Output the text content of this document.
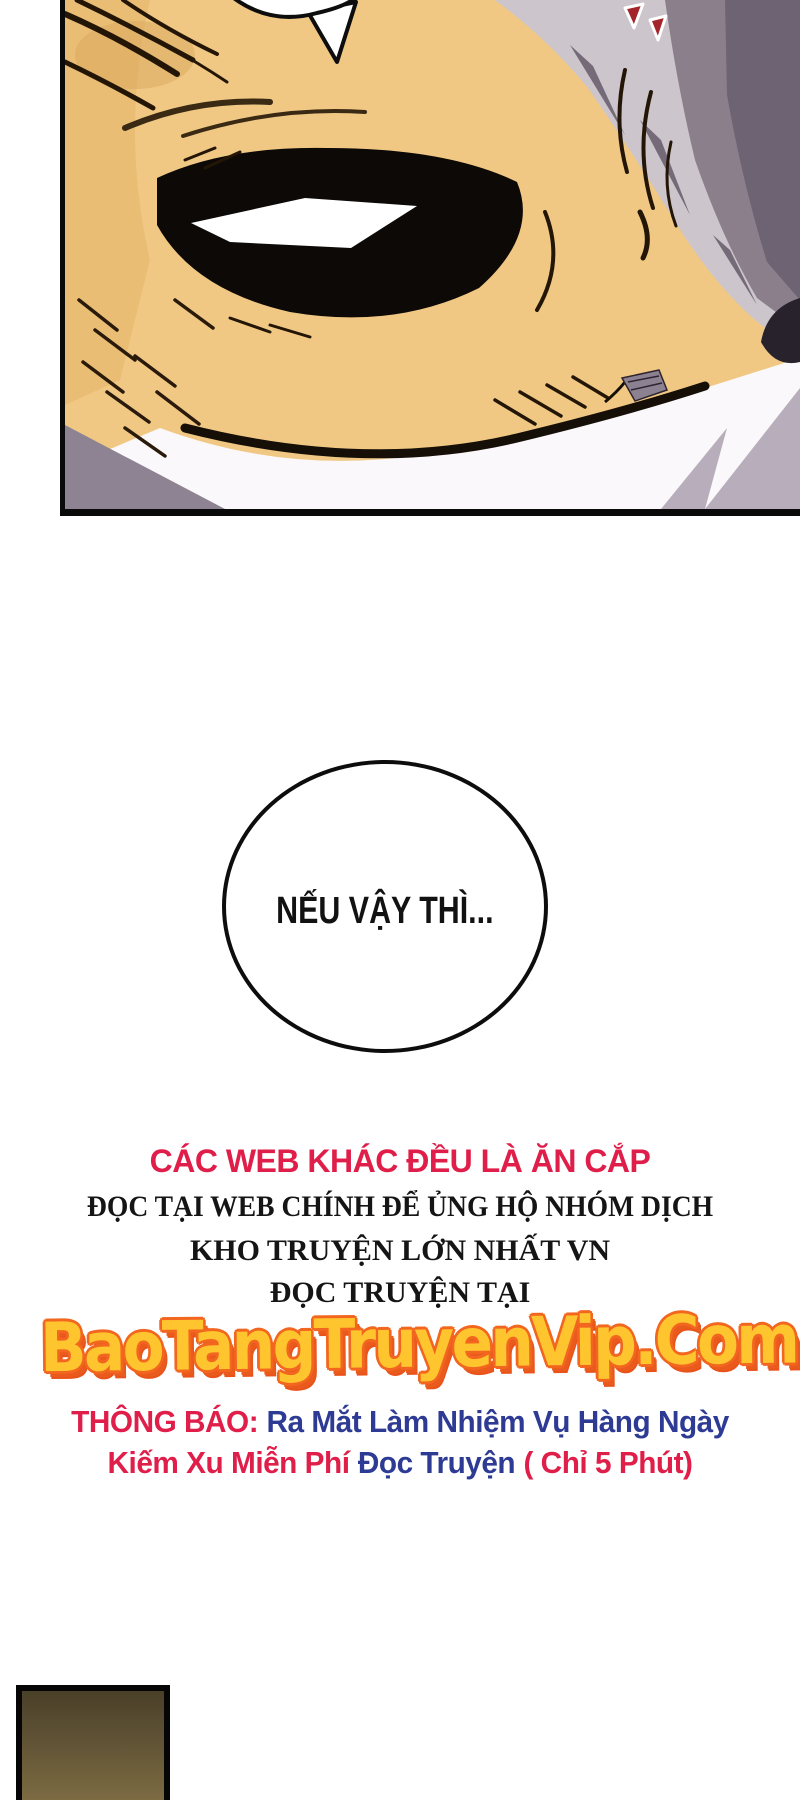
NẾU VẬY THÌ...
CÁC WEB KHÁC ĐỀU LÀ ĂN CẮP
ĐỌC TẠI WEB CHÍNH ĐỂ ỦNG HỘ NHÓM DỊCH
KHO TRUYỆN LỚN NHẤT VN
ĐỌC TRUYỆN TẠI
BaoTangTruyenVip.Com
THÔNG BÁO: Ra Mắt Làm Nhiệm Vụ Hàng Ngày
Kiếm Xu Miễn Phí Đọc Truyện ( Chỉ 5 Phút)
